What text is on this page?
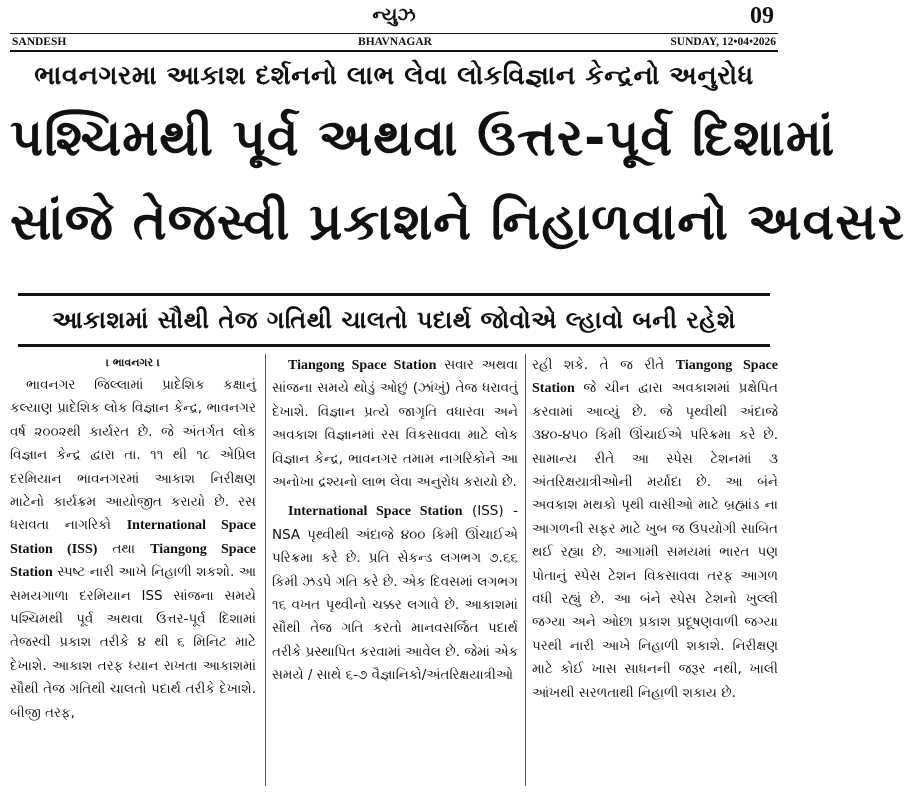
ન્યુઝ	09
SANDESH	BHAVNAGAR	SUNDAY, 12•04•2026
ભાવનગરમા આકાશ દર્શનનો લાભ લેવા લોકવિજ્ઞાન કેન્દ્રનો અનુરોધ
પશ્ચિમથી પૂર્વ અથવા ઉત્તર-પૂર્વ દિશામાં
સાંજે તેજસ્વી પ્રકાશને નિહાળવાનો અવસર
આકાશમાં સૌથી તેજ ગતિથી ચાલતો પદાર્થ જોવોએ લ્હાવો બની રહેશે
। ભાવનગર ।

ભાવનગર જિલ્લામાં પ્રાદેશિક કક્ષાનું કલ્યાણ પ્રાદેશિક લોક વિજ્ઞાન કેન્દ્ર, ભાવનગર વર્ષ ૨૦૦૨થી કાર્યરત છે. જે અંતર્ગત લોક વિજ્ઞાન કેન્દ્ર દ્વારા તા. ૧૧ થી ૧૮ એપ્રિલ દરમિયાન ભાવનગરમાં આકાશ નિરીક્ષણ માટેનો કાર્યક્રમ આયોજીત કરાયો છે. રસ ધરાવતા નાગરિકો International Space Station (ISS) તથા Tiangong Space Station સ્પષ્ટ નારી આખે નિહાળી શકશો. આ સમયગાળા દરમિયાન ISS સાંજના સમયે પશ્ચિમથી પૂર્વ અથવા ઉત્તર-પૂર્વ દિશામાં તેજસ્વી પ્રકાશ તરીકે ૪ થી ૬ મિનિટ માટે દેખાશે. આકાશ તરફ ધ્યાન રાખતા આકાશમાં સૌથી તેજ ગતિથી ચાલતો પદાર્થ તરીકે દેખાશે. બીજી તરફ,

Tiangong Space Station સવાર અથવા સાંજના સમયે થોડું ઓછું (ઝાંખું) તેજ ધરાવતું દેખાશે. વિજ્ઞાન પ્રત્યે જાગૃતિ વધારવા અને અવકાશ વિજ્ઞાનમાં રસ વિકસાવવા માટે લોક વિજ્ઞાન કેન્દ્ર, ભાવનગર તમામ નાગરિકોને આ અનોખા દ્રશ્યનો લાભ લેવા અનુરોધ કરાયો છે.

International Space Station (ISS) - NSA પૃથ્વીથી અંદાજે ૪૦૦ કિમી ઊંચાઈએ પરિક્રમા કરે છે. પ્રતિ સેકન્ડ લગભગ ૭.૬૬ કિમી ઝડપે ગતિ કરે છે. એક દિવસમાં લગભગ ૧૬ વખત પૃથ્વીનો ચક્કર લગાવે છે. આકાશમાં સૌથી તેજ ગતિ કરતો માનવસર્જિત પદાર્થ તરીકે પ્રસ્થાપિત કરવામાં આવેલ છે. જેમાં એક સમયે / સાથે ૬-૭ વૈજ્ઞાનિકો/અંતરિક્ષયાત્રીઓ

રહી શકે. તે જ રીતે Tiangong Space Station જે ચીન દ્વારા અવકાશમાં પ્રક્ષેપિત કરવામાં આવ્યું છે. જે પૃથ્વીથી અંદાજે ૩૪૦-૪૫૦ કિમી ઊંચાઈએ પરિક્રમા કરે છે. સામાન્ય રીતે આ સ્પેસ ટેશનમાં ૩ અંતરિક્ષયાત્રીઓની મર્યાદા છે. આ બંને અવકાશ મથકો પૃથી વાસીઓ માટે બ્રહ્માંડ ના આગળની સફર માટે ખુબ જ ઉપયોગી સાબિત થઈ રહ્યા છે. આગામી સમયમાં ભારત પણ પોતાનું સ્પેસ ટેશન વિકસાવવા તરફ આગળ વધી રહ્યું છે. આ બંને સ્પેસ ટેશનો ખુલ્લી જગ્યા અને ઓછા પ્રકાશ પ્રદૂષણવાળી જગ્યા પરથી નારી આખે નિહાળી શકાશે. નિરીક્ષણ માટે કોઈ ખાસ સાધનની જરૂર નથી, ખાલી આંખથી સરળતાથી નિહાળી શકાય છે.
